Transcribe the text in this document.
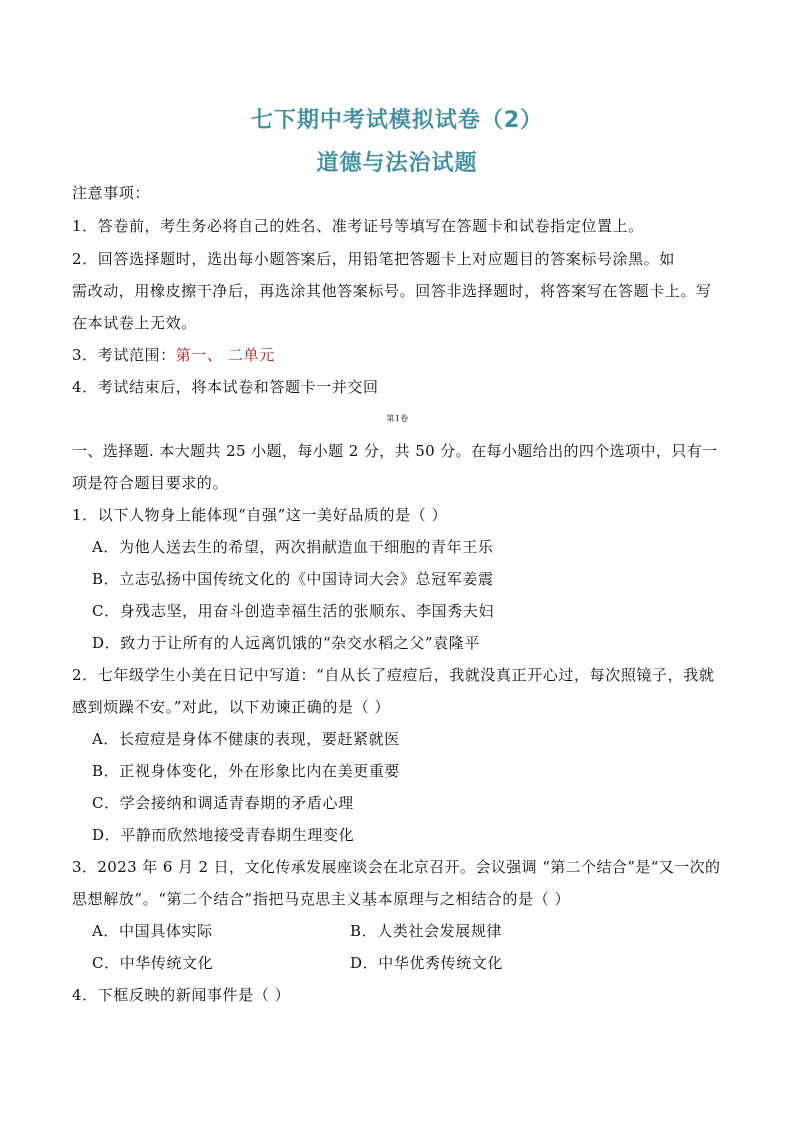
七下期中考试模拟试卷（2）
道德与法治试题
注意事项：
1．答卷前，考生务必将自己的姓名、准考证号等填写在答题卡和试卷指定位置上。
2．回答选择题时，选出每小题答案后，用铅笔把答题卡上对应题目的答案标号涂黑。如
需改动，用橡皮擦干净后，再选涂其他答案标号。回答非选择题时，将答案写在答题卡上。写
在本试卷上无效。
3．考试范围：第一、 二单元
4．考试结束后，将本试卷和答题卡一并交回
第 I 卷
一、选择题. 本大题共 25 小题，每小题 2 分，共 50 分。在每小题给出的四个选项中，只有一
项是符合题目要求的。
1．以下人物身上能体现“自强”这一美好品质的是（ ）
A．为他人送去生的希望，两次捐献造血干细胞的青年王乐
B．立志弘扬中国传统文化的《中国诗词大会》总冠军姜震
C．身残志坚，用奋斗创造幸福生活的张顺东、李国秀夫妇
D．致力于让所有的人远离饥饿的“杂交水稻之父”袁隆平
2．七年级学生小美在日记中写道：“自从长了痘痘后，我就没真正开心过，每次照镜子，我就
感到烦躁不安。”对此，以下劝谏正确的是（ ）
A．长痘痘是身体不健康的表现，要赶紧就医
B．正视身体变化，外在形象比内在美更重要
C．学会接纳和调适青春期的矛盾心理
D．平静而欣然地接受青春期生理变化
3．2023 年 6 月 2 日，文化传承发展座谈会在北京召开。会议强调 “第二个结合”是“又一次的
思想解放”。“第二个结合”指把马克思主义基本原理与之相结合的是（ ）
A．中国具体实际	B．人类社会发展规律
C．中华传统文化	D．中华优秀传统文化
4．下框反映的新闻事件是（ ）
